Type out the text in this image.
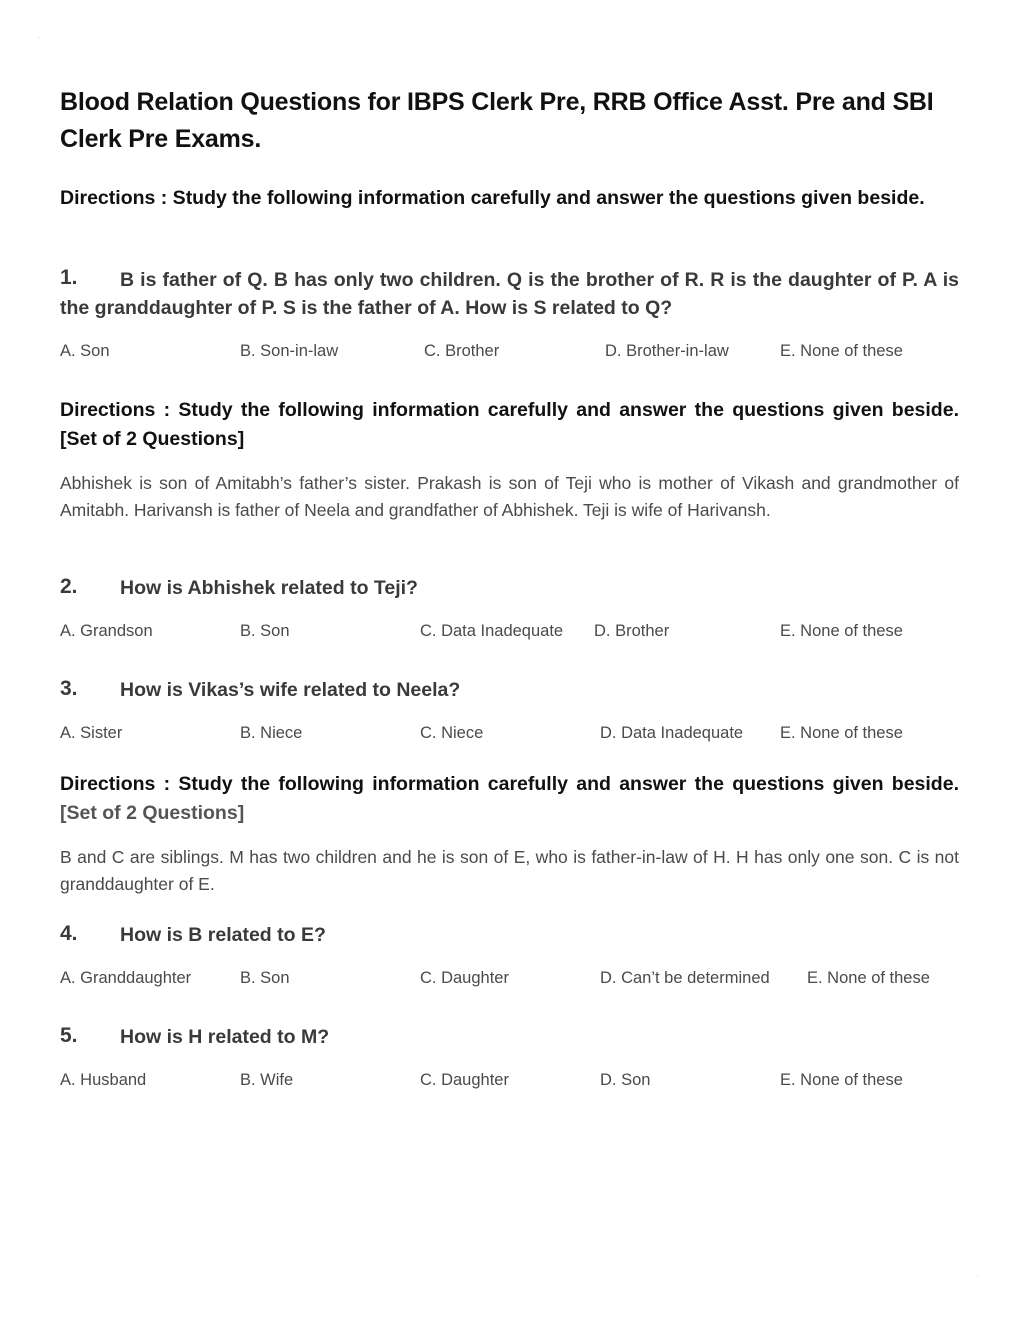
.
Blood Relation Questions for IBPS Clerk Pre, RRB Office Asst. Pre and SBI Clerk Pre Exams.
Directions : Study the following information carefully and answer the questions given beside.
B is father of Q. B has only two children. Q is the brother of R. R is the daughter of P. A is the granddaughter of P. S is the father of A. How is S related to Q?
1.
A. Son	B. Son-in-law	C. Brother	D. Brother-in-law	E. None of these
Directions : Study the following information carefully and answer the questions given beside. [Set of 2 Questions]
Abhishek is son of Amitabh’s father’s sister. Prakash is son of Teji who is mother of Vikash and grandmother of Amitabh. Harivansh is father of Neela and grandfather of Abhishek. Teji is wife of Harivansh.
2. How is Abhishek related to Teji?
A. Grandson	B. Son	C. Data Inadequate D. Brother	E. None of these
3. How is Vikas’s wife related to Neela?
A. Sister	B. Niece	C. Niece	D. Data Inadequate E. None of these
Directions : Study the following information carefully and answer the questions given beside. [Set of 2 Questions]
B and C are siblings. M has two children and he is son of E, who is father-in-law of H. H has only one son. C is not granddaughter of E.
4. How is B related to E?
A. Granddaughter	B. Son	C. Daughter	D. Can’t be determined E. None of these
5. How is H related to M?
A. Husband	B. Wife	C. Daughter	D. Son	E. None of these
.
